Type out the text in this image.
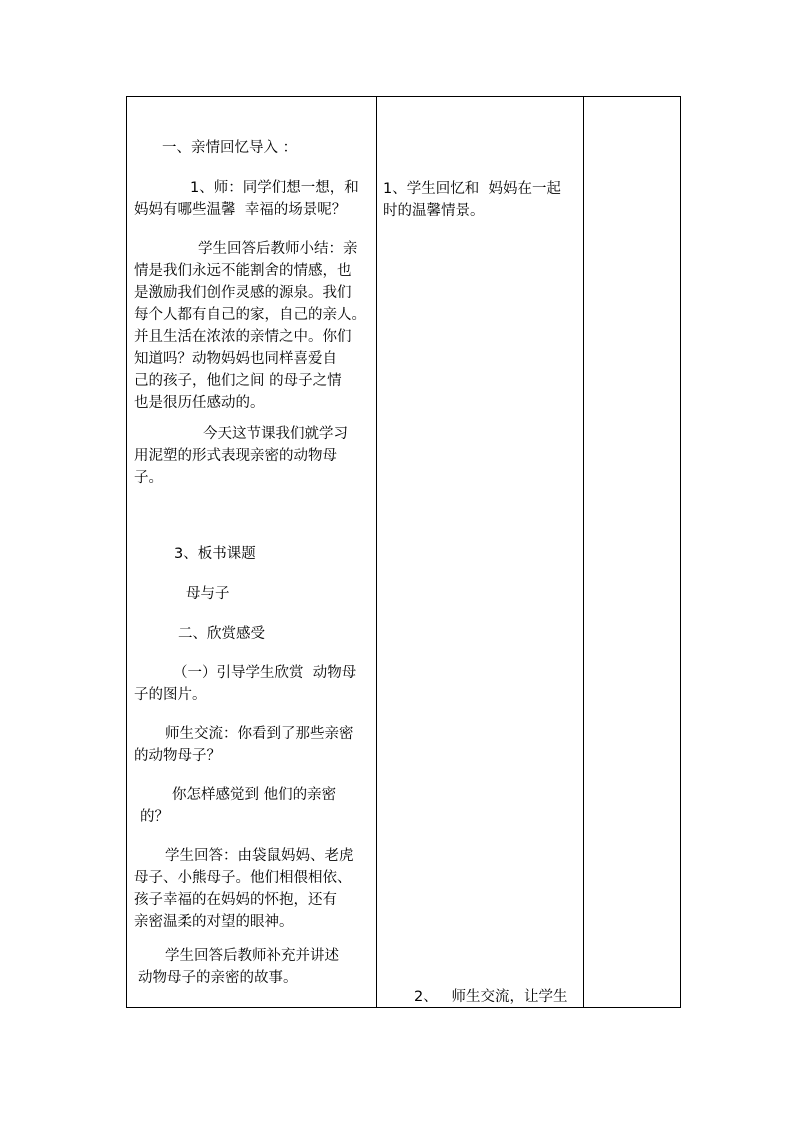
一、亲情回忆导入 ：

1、师：同学们想一想，和

妈妈有哪些温馨  幸福的场景呢？

学生回答后教师小结：亲

情是我们永远不能割舍的情感，也

是激励我们创作灵感的源泉。我们

每个人都有自己的家，自己的亲人。

并且生活在浓浓的亲情之中。你们

知道吗？动物妈妈也同样喜爱自

己的孩子，他们之间 的母子之情

也是很历任感动的。

今天这节课我们就学习

用泥塑的形式表现亲密的动物母

子。

3、板书课题

母与子

二、欣赏感受

（一）引导学生欣赏  动物母

子的图片。

师生交流：你看到了那些亲密

的动物母子？

你怎样感觉到 他们的亲密

的？

学生回答：由袋鼠妈妈、老虎

母子、小熊母子。他们相偎相依、

孩子幸福的在妈妈的怀抱，还有

亲密温柔的对望的眼神。

学生回答后教师补充并讲述

动物母子的亲密的故事。

1、学生回忆和  妈妈在一起

时的温馨情景。

2、   师生交流，让学生
